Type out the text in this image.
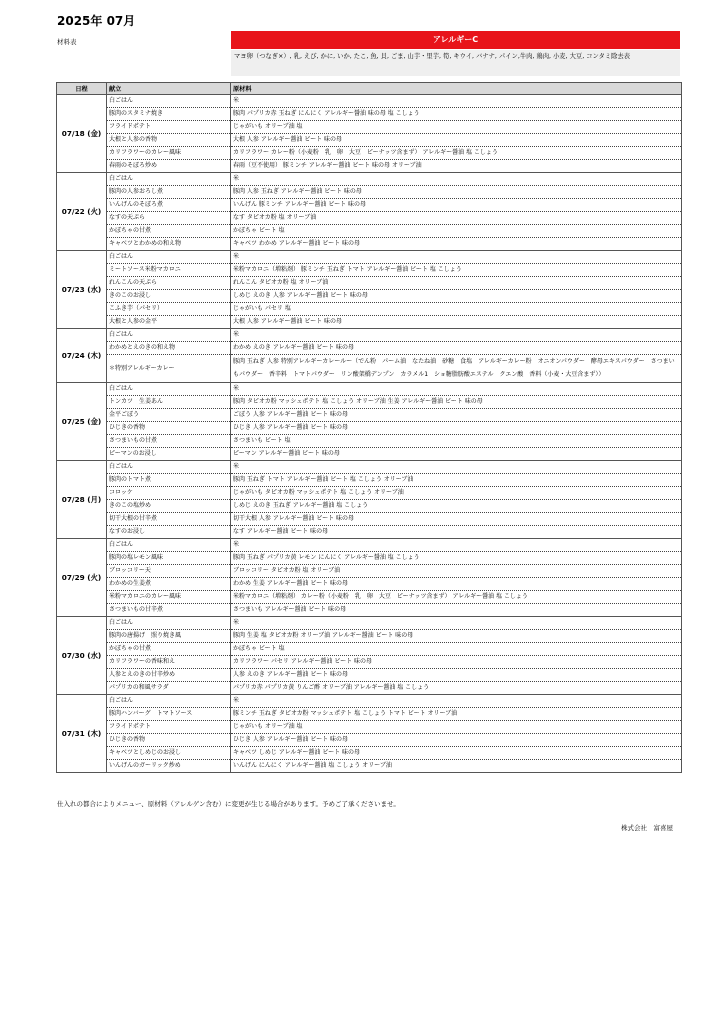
2025年 07月
材料表	アレルギーC
マヨ卵（つなぎ×）, 乳, えび, かに, いか, たこ, 魚, 貝, ごま, 山芋・里芋, 筍, キウイ, バナナ, パイン,牛肉, 鶏肉, 小麦, 大豆, コンタミ除去表
日程	献立	原材料
07/18 (金)	白ごはん	米
	豚肉のスタミナ焼き	豚肉 パプリカ赤 玉ねぎ にんにく アレルギー醤油 味の母 塩 こしょう
	フライドポテト	じゃがいも オリーブ油 塩
	大根と人参の香物	大根 人参 アレルギー醤油 ビート 味の母
	カリフラワーのカレー風味	カリフラワー カレー粉（小麦粉　乳　卵　大豆　ピーナッツ含まず） アレルギー醤油 塩 こしょう
	春雨のそぼろ炒め	春雨（豆不使用） 豚ミンチ アレルギー醤油 ビート 味の母 オリーブ油
07/22 (火)	白ごはん	米
	豚肉の人参おろし煮	豚肉 人参 玉ねぎ アレルギー醤油 ビート 味の母
	いんげんのそぼろ煮	いんげん 豚ミンチ アレルギー醤油 ビート 味の母
	なすの天ぷら	なす タピオカ粉 塩 オリーブ油
	かぼちゃの甘煮	かぼちゃ ビート 塩
	キャベツとわかめの和え物	キャベツ わかめ アレルギー醤油 ビート 味の母
07/23 (水)	白ごはん	米
	ミートソース米粉マカロニ	米粉マカロニ（増粘剤） 豚ミンチ 玉ねぎ トマト アレルギー醤油 ビート 塩 こしょう
	れんこんの天ぷら	れんこん タピオカ粉 塩 オリーブ油
	きのこのお浸し	しめじ えのき 人参 アレルギー醤油 ビート 味の母
	こふき芋（パセリ）	じゃがいも パセリ 塩
	大根と人参の金平	大根 人参 アレルギー醤油 ビート 味の母
07/24 (木)	白ごはん	米
	わかめとえのきの和え物	わかめ えのき アレルギー醤油 ビート 味の母
	＊特別アレルギーカレー	豚肉 玉ねぎ 人参 特別アレルギーカレールー（でん粉　パーム油　なたね油　砂糖　食塩　アレルギーカレー粉　オニオンパウダー　酵母エキスパウダー　さつまいもパウダー　香辛料　トマトパウダー　リン酸架橋デンプン　カラメル1　ショ糖脂肪酸エステル　クエン酸　香料（小麦・大豆含まず））
07/25 (金)	白ごはん	米
	トンカツ　生姜あん	豚肉 タピオカ粉 マッシュポテト 塩 こしょう オリーブ油 生姜 アレルギー醤油 ビート 味の母
	金平ごぼう	ごぼう 人参 アレルギー醤油 ビート 味の母
	ひじきの香物	ひじき 人参 アレルギー醤油 ビート 味の母
	さつまいもの甘煮	さつまいも ビート 塩
	ピーマンのお浸し	ピーマン アレルギー醤油 ビート 味の母
07/28 (月)	白ごはん	米
	豚肉のトマト煮	豚肉 玉ねぎ トマト アレルギー醤油 ビート 塩 こしょう オリーブ油
	コロッケ	じゃがいも タピオカ粉 マッシュポテト 塩 こしょう オリーブ油
	きのこの塩炒め	しめじ えのき 玉ねぎ アレルギー醤油 塩 こしょう
	切干大根の甘辛煮	切干大根 人参 アレルギー醤油 ビート 味の母
	なすのお浸し	なす アレルギー醤油 ビート 味の母
07/29 (火)	白ごはん	米
	豚肉の塩レモン風味	豚肉 玉ねぎ パプリカ黄 レモン にんにく アレルギー醤油 塩 こしょう
	ブロッコリー天	ブロッコリー タピオカ粉 塩 オリーブ油
	わかめの生姜煮	わかめ 生姜 アレルギー醤油 ビート 味の母
	米粉マカロニのカレー風味	米粉マカロニ（増粘剤） カレー粉（小麦粉　乳　卵　大豆　ピーナッツ含まず） アレルギー醤油 塩 こしょう
	さつまいもの甘辛煮	さつまいも アレルギー醤油 ビート 味の母
07/30 (水)	白ごはん	米
	豚肉の唐揚げ　照り焼き風	豚肉 生姜 塩 タピオカ粉 オリーブ油 アレルギー醤油 ビート 味の母
	かぼちゃの甘煮	かぼちゃ ビート 塩
	カリフラワーの香味和え	カリフラワー パセリ アレルギー醤油 ビート 味の母
	人参とえのきの甘辛炒め	人参 えのき アレルギー醤油 ビート 味の母
	パプリカの和風サラダ	パプリカ赤 パプリカ黄 りんご酢 オリーブ油 アレルギー醤油 塩 こしょう
07/31 (木)	白ごはん	米
	豚肉ハンバーグ　トマトソース	豚ミンチ 玉ねぎ タピオカ粉 マッシュポテト 塩 こしょう トマト ビート オリーブ油
	フライドポテト	じゃがいも オリーブ油 塩
	ひじきの香物	ひじき 人参 アレルギー醤油 ビート 味の母
	キャベツとしめじのお浸し	キャベツ しめじ アレルギー醤油 ビート 味の母
	いんげんのガーリック炒め	いんげん にんにく アレルギー醤油 塩 こしょう オリーブ油
仕入れの都合によりメニュー、原材料（アレルゲン含む）に変更が生じる場合があります。予めご了承くださいませ。
株式会社　富喜屋
